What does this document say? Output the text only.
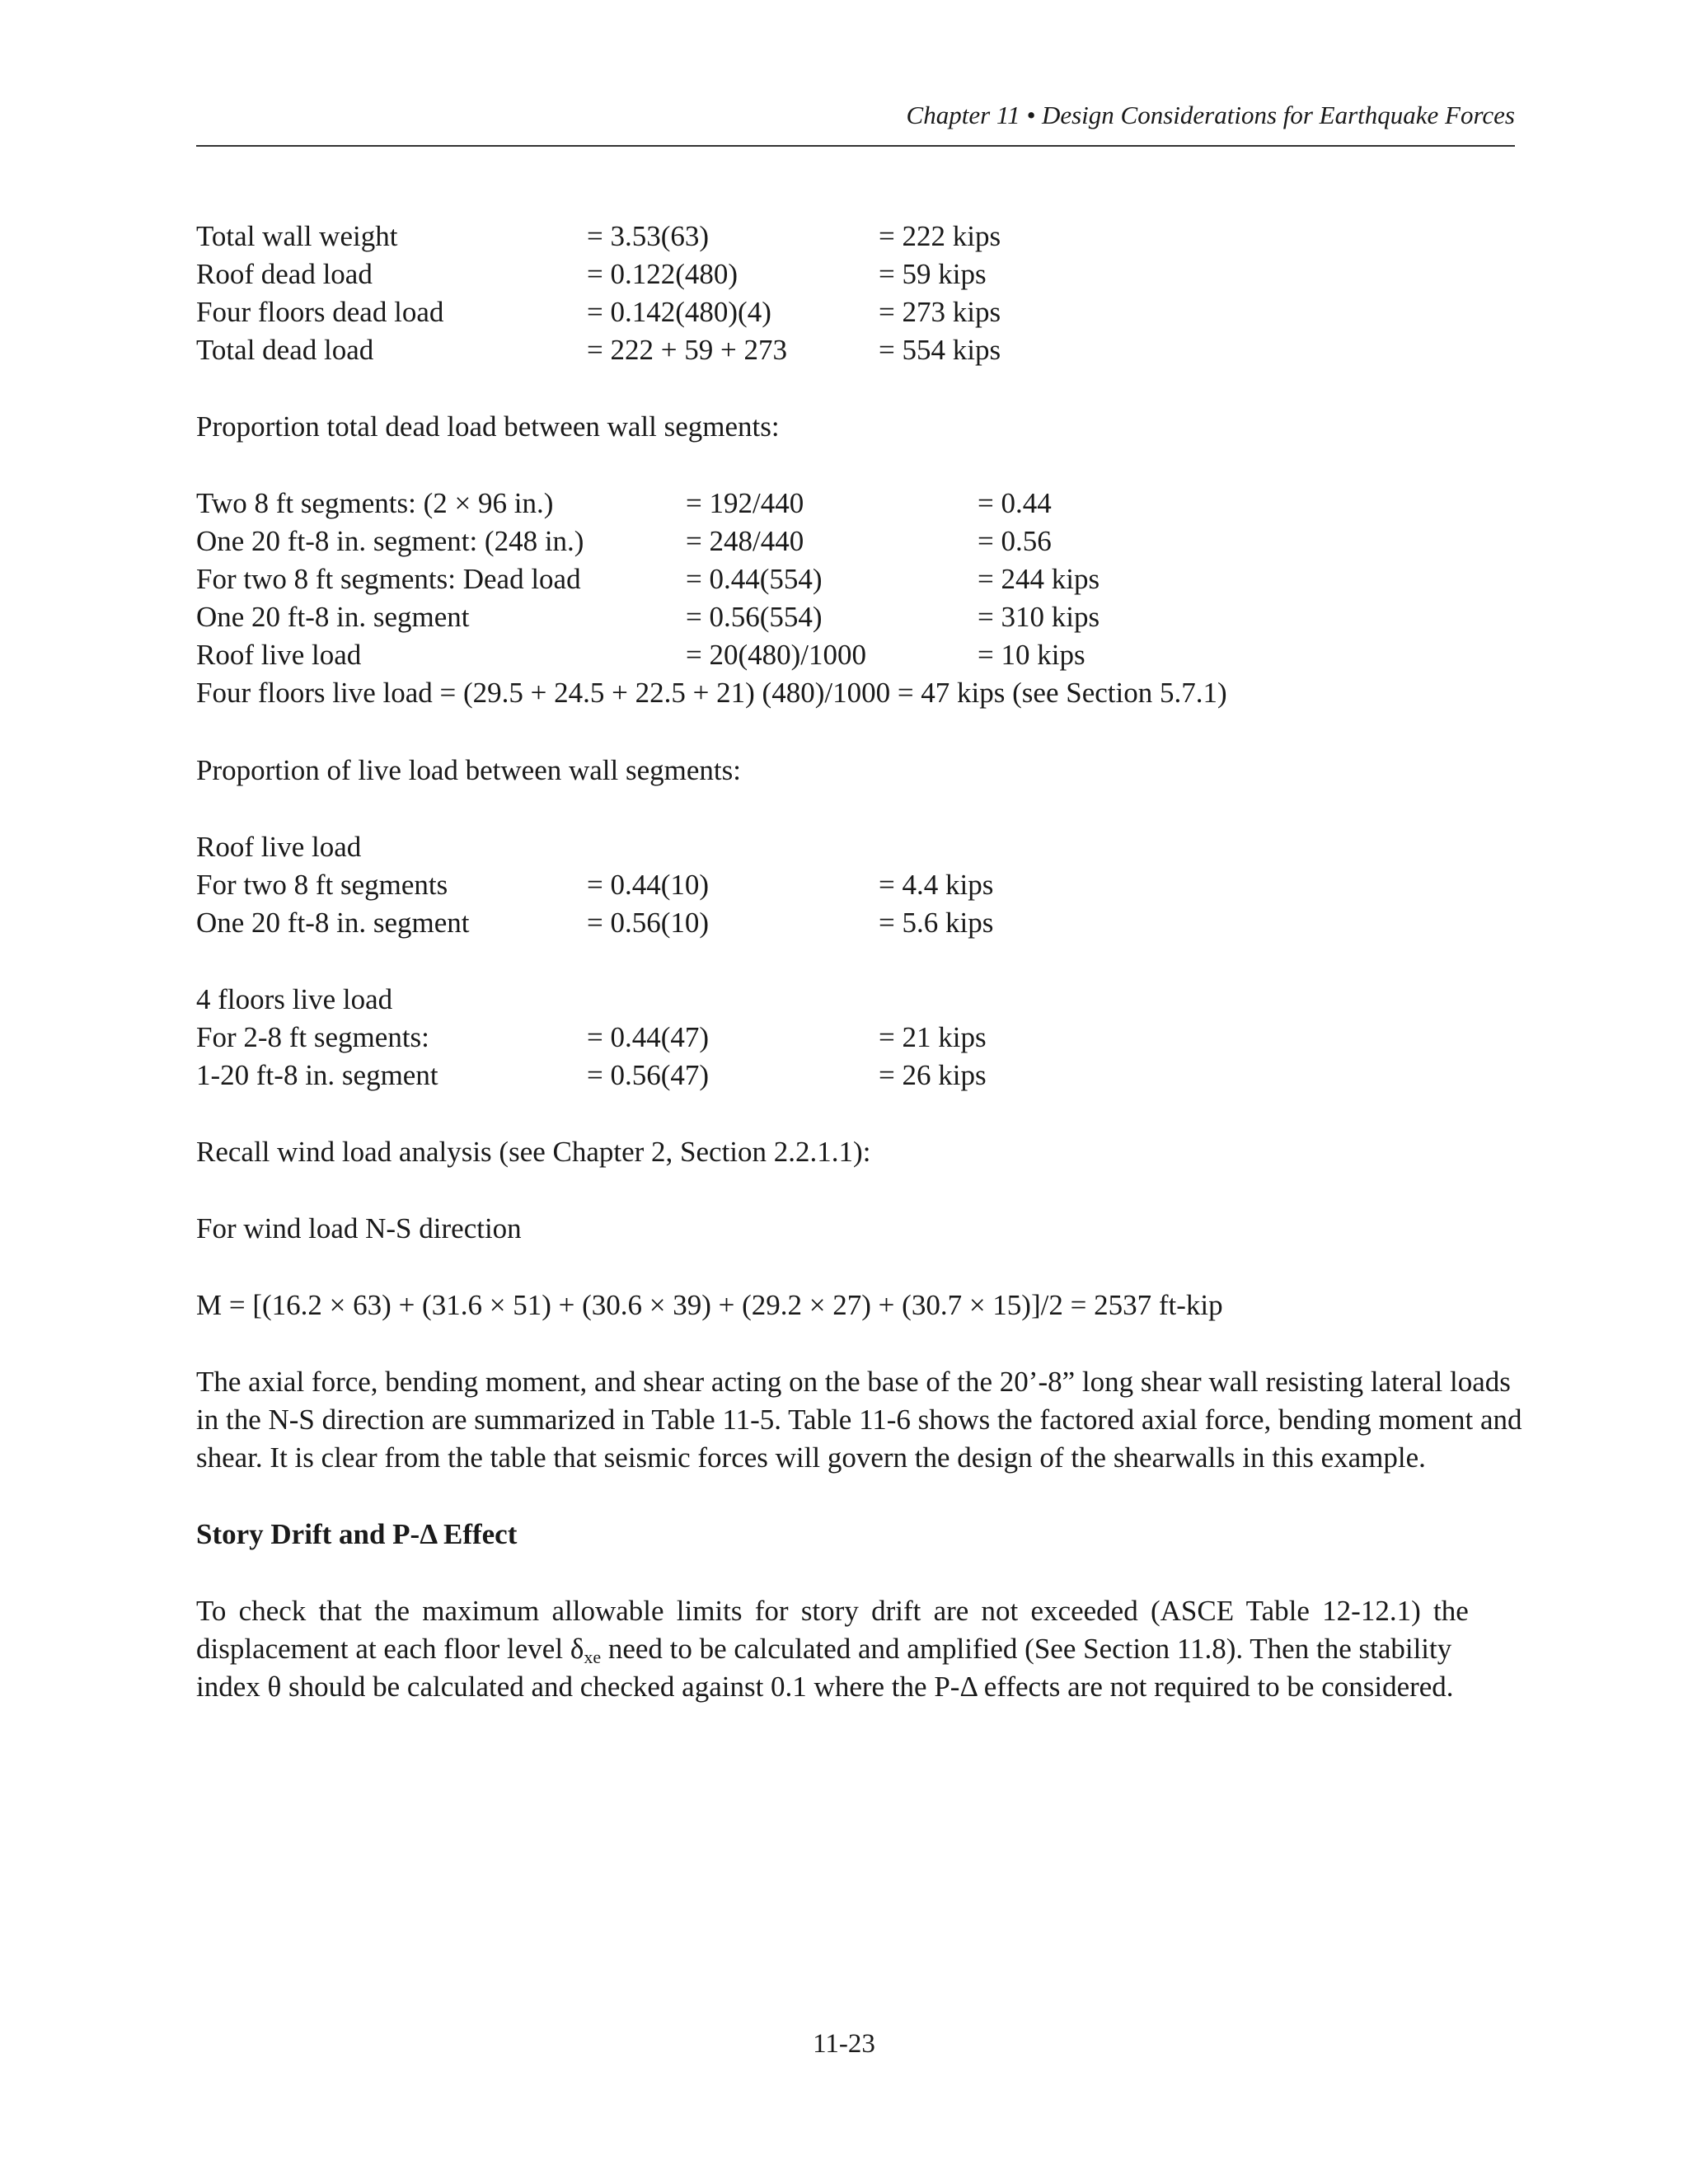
Chapter 11 • Design Considerations for Earthquake Forces
Total wall weight	= 3.53(63)	= 222 kips
Roof dead load	= 0.122(480)	= 59 kips
Four floors dead load	= 0.142(480)(4)	= 273 kips
Total dead load	= 222 + 59 + 273	= 554 kips
Proportion total dead load between wall segments:
Two 8 ft segments: (2 × 96 in.)	= 192/440	= 0.44
One 20 ft-8 in. segment: (248 in.)	= 248/440	= 0.56
For two 8 ft segments: Dead load	= 0.44(554)	= 244 kips
One 20 ft-8 in. segment	= 0.56(554)	= 310 kips
Roof live load	= 20(480)/1000	= 10 kips
Four floors live load = (29.5 + 24.5 + 22.5 + 21) (480)/1000 = 47 kips (see Section 5.7.1)
Proportion of live load between wall segments:
Roof live load
For two 8 ft segments	= 0.44(10)	= 4.4 kips
One 20 ft-8 in. segment	= 0.56(10)	= 5.6 kips
4 floors live load
For 2-8 ft segments:	= 0.44(47)	= 21 kips
1-20 ft-8 in. segment	= 0.56(47)	= 26 kips
Recall wind load analysis (see Chapter 2, Section 2.2.1.1):
For wind load N-S direction
M = [(16.2 × 63) + (31.6 × 51) + (30.6 × 39) + (29.2 × 27) + (30.7 × 15)]/2 = 2537 ft-kip
The axial force, bending moment, and shear acting on the base of the 20’-8” long shear wall resisting lateral loads
in the N-S direction are summarized in Table 11-5. Table 11-6 shows the factored axial force, bending moment and
shear. It is clear from the table that seismic forces will govern the design of the shearwalls in this example.
Story Drift and P-Δ Effect
To check that the maximum allowable limits for story drift are not exceeded (ASCE Table 12-12.1) the
displacement at each floor level $\delta_{xe}$ need to be calculated and amplified (See Section 11.8). Then the stability
index θ should be calculated and checked against 0.1 where the P-Δ effects are not required to be considered.
11-23
